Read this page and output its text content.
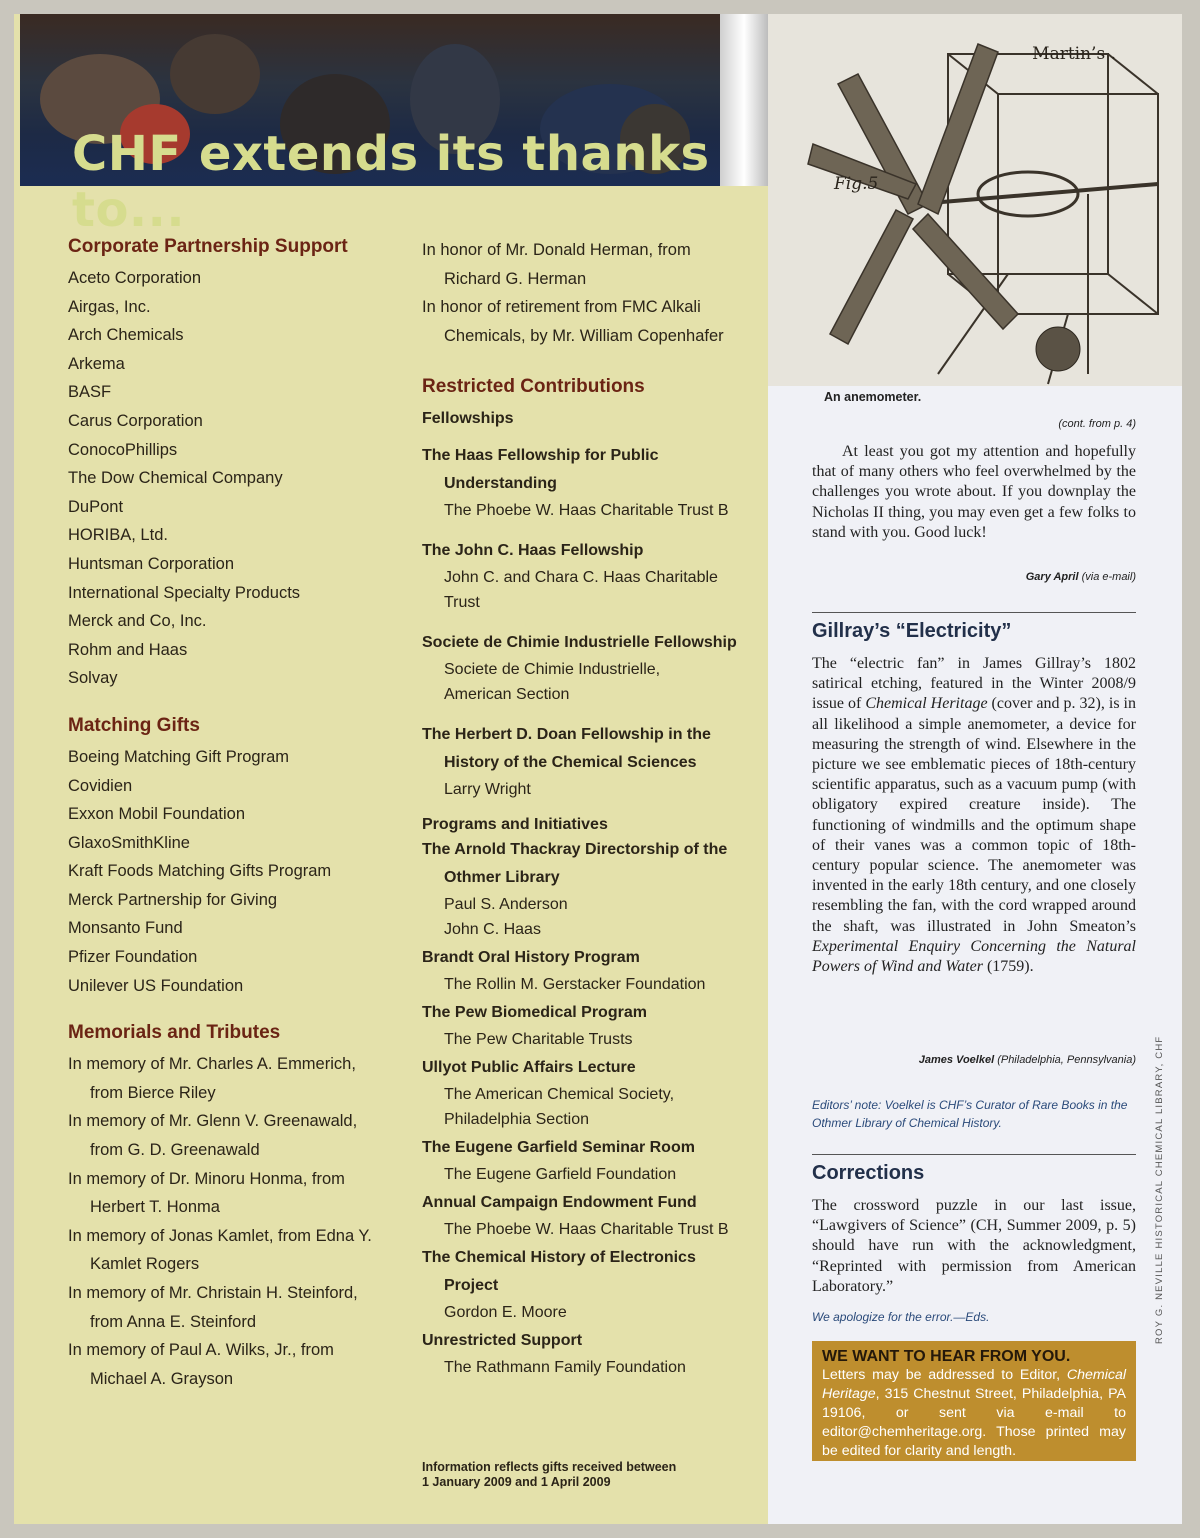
CHF extends its thanks to...
Corporate Partnership Support
Aceto Corporation
Airgas, Inc.
Arch Chemicals
Arkema
BASF
Carus Corporation
ConocoPhillips
The Dow Chemical Company
DuPont
HORIBA, Ltd.
Huntsman Corporation
International Specialty Products
Merck and Co, Inc.
Rohm and Haas
Solvay
Matching Gifts
Boeing Matching Gift Program
Covidien
Exxon Mobil Foundation
GlaxoSmithKline
Kraft Foods Matching Gifts Program
Merck Partnership for Giving
Monsanto Fund
Pfizer Foundation
Unilever US Foundation
Memorials and Tributes
In memory of Mr. Charles A. Emmerich,
from Bierce Riley
In memory of Mr. Glenn V. Greenawald,
from G. D. Greenawald
In memory of Dr. Minoru Honma, from
Herbert T. Honma
In memory of Jonas Kamlet, from Edna Y.
Kamlet Rogers
In memory of Mr. Christain H. Steinford,
from Anna E. Steinford
In memory of Paul A. Wilks, Jr., from
Michael A. Grayson
In honor of Mr. Donald Herman, from
Richard G. Herman
In honor of retirement from FMC Alkali
Chemicals, by Mr. William Copenhafer
Restricted Contributions
Fellowships
The Haas Fellowship for Public
Understanding
The Phoebe W. Haas Charitable Trust B
The John C. Haas Fellowship
John C. and Chara C. Haas Charitable
Trust
Societe de Chimie Industrielle Fellowship
Societe de Chimie Industrielle,
American Section
The Herbert D. Doan Fellowship in the
History of the Chemical Sciences
Larry Wright
Programs and Initiatives
The Arnold Thackray Directorship of the
Othmer Library
Paul S. Anderson
John C. Haas
Brandt Oral History Program
The Rollin M. Gerstacker Foundation
The Pew Biomedical Program
The Pew Charitable Trusts
Ullyot Public Affairs Lecture
The American Chemical Society,
Philadelphia Section
The Eugene Garfield Seminar Room
The Eugene Garfield Foundation
Annual Campaign Endowment Fund
The Phoebe W. Haas Charitable Trust B
The Chemical History of Electronics
Project
Gordon E. Moore
Unrestricted Support
The Rathmann Family Foundation
Information reflects gifts received between
1 January 2009 and 1 April 2009
Martin’s .
Fig.5
An anemometer.
(cont. from p. 4)
At least you got my attention and hopefully that of many others who feel overwhelmed by the challenges you wrote about. If you downplay the Nicholas II thing, you may even get a few folks to stand with you. Good luck!
Gary April (via e-mail)
Gillray’s “Electricity”
The “electric fan” in James Gillray’s 1802 satirical etching, featured in the Winter 2008/9 issue of Chemical Heritage (cover and p. 32), is in all likelihood a simple anemometer, a device for measuring the strength of wind. Elsewhere in the picture we see emblematic pieces of 18th-century scientific apparatus, such as a vacuum pump (with obligatory expired creature inside). The functioning of windmills and the optimum shape of their vanes was a common topic of 18th-century popular science. The anemometer was invented in the early 18th century, and one closely resembling the fan, with the cord wrapped around the shaft, was illustrated in John Smeaton’s Experimental Enquiry Concerning the Natural Powers of Wind and Water (1759).
James Voelkel (Philadelphia, Pennsylvania)
Editors’ note: Voelkel is CHF’s Curator of Rare Books in the Othmer Library of Chemical History.
Corrections
The crossword puzzle in our last issue, “Lawgivers of Science” (CH, Summer 2009, p. 5) should have run with the acknowledgment, “Reprinted with permission from American Laboratory.”
We apologize for the error.—Eds.
WE WANT TO HEAR FROM YOU.
Letters may be addressed to Editor, Chemical Heritage, 315 Chestnut Street, Philadelphia, PA 19106, or sent via e-mail to editor@chemheritage.org. Those printed may be edited for clarity and length.
ROY G. NEVILLE HISTORICAL CHEMICAL LIBRARY, CHF
